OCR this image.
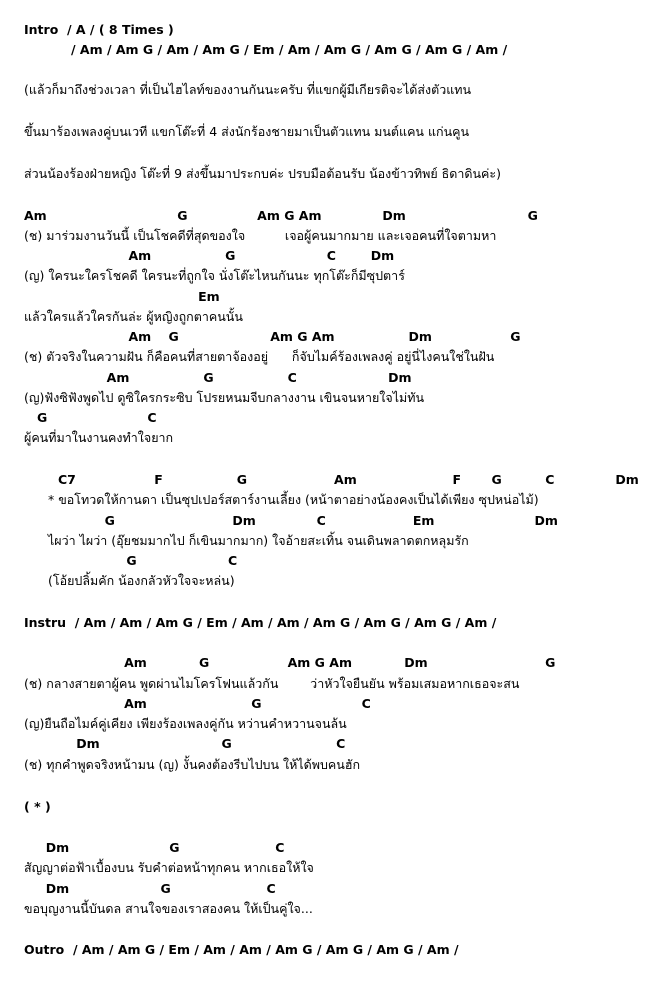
Intro  / A / ( 8 Times )

/ Am / Am G / Am / Am G / Em / Am / Am G / Am G / Am G / Am /

(แล้วก็มาถึงช่วงเวลา ที่เป็นไฮไลท์ของงานกันนะครับ ที่แขกผู้มีเกียรติจะได้ส่งตัวแทน

ขึ้นมาร้องเพลงคู่บนเวที แขกโต๊ะที่ 4 ส่งนักร้องชายมาเป็นตัวแทน มนต์แคน แก่นคูน

ส่วนน้องร้องฝ่ายหญิง โต๊ะที่ 9 ส่งขึ้นมาประกบค่ะ ปรบมือต้อนรับ น้องข้าวทิพย์ ธิดาดินค่ะ)

Am                              G                Am G Am              Dm                            G

(ช) มาร่วมงานวันนี้ เป็นโชคดีที่สุดของใจ          เจอผู้คนมากมาย และเจอคนที่ใจตามหา

Am                 G                     C        Dm

(ญ) ใครนะใครโชคดี ใครนะที่ถูกใจ นั่งโต๊ะไหนกันนะ ทุกโต๊ะก็มีซุปตาร์

Em

แล้วใครแล้วใครกันล่ะ ผู้หญิงถูกตาคนนั้น

Am    G                     Am G Am                 Dm                  G

(ช) ตัวจริงในความฝัน ก็คือคนที่สายตาจ้องอยู่      ก็จับไมค์ร้องเพลงคู่ อยู่นี่ไงคนใช่ในฝัน

Am                 G                 C                     Dm

(ญ)ฟังซิฟังพูดไป ดูซิใครกระซิบ โปรยหนมจีบกลางงาน เขินจนหายใจไม่ทัน

G                       C

ผู้คนที่มาในงานคงทำใจยาก

C7                  F                 G                    Am                      F       G          C              Dm

* ขอโทวดให้กานดา เป็นซุปเปอร์สตาร์งานเลี้ยง (หน้าตาอย่างน้องคงเป็นได้เพียง ซุปหน่อไม้)

G                           Dm              C                    Em                       Dm

ไผว่า ไผว่า (อุ๊ยชมมากไป ก็เขินมากมาก) ใจอ้ายสะเทิ้น จนเดินพลาดตกหลุมรัก

G                     C

(โอ้ยปลิ้มคัก น้องกลัวหัวใจจะหล่น)

Instru  / Am / Am / Am G / Em / Am / Am / Am G / Am G / Am G / Am /

Am            G                  Am G Am            Dm                           G

(ช) กลางสายตาผู้คน พูดผ่านไมโครโฟนแล้วกัน        ว่าหัวใจยืนยัน พร้อมเสมอหากเธอจะสน

Am                        G                       C

(ญ)ยืนถือไมค์คู่เคียง เพียงร้องเพลงคู่กัน หว่านคำหวานจนล้น

Dm                            G                        C

(ช) ทุกคำพูดจริงหน้ามน (ญ) งั้นคงต้องรีบไปบน ให้ได้พบคนฮัก

( * )

Dm                       G                      C

สัญญาต่อฟ้าเบื้องบน รับคำต่อหน้าทุกคน หากเธอให้ใจ

Dm                     G                      C

ขอบุญงานนี้บันดล สานใจของเราสองคน ให้เป็นคู่ใจ...

Outro  / Am / Am G / Em / Am / Am / Am G / Am G / Am G / Am /
